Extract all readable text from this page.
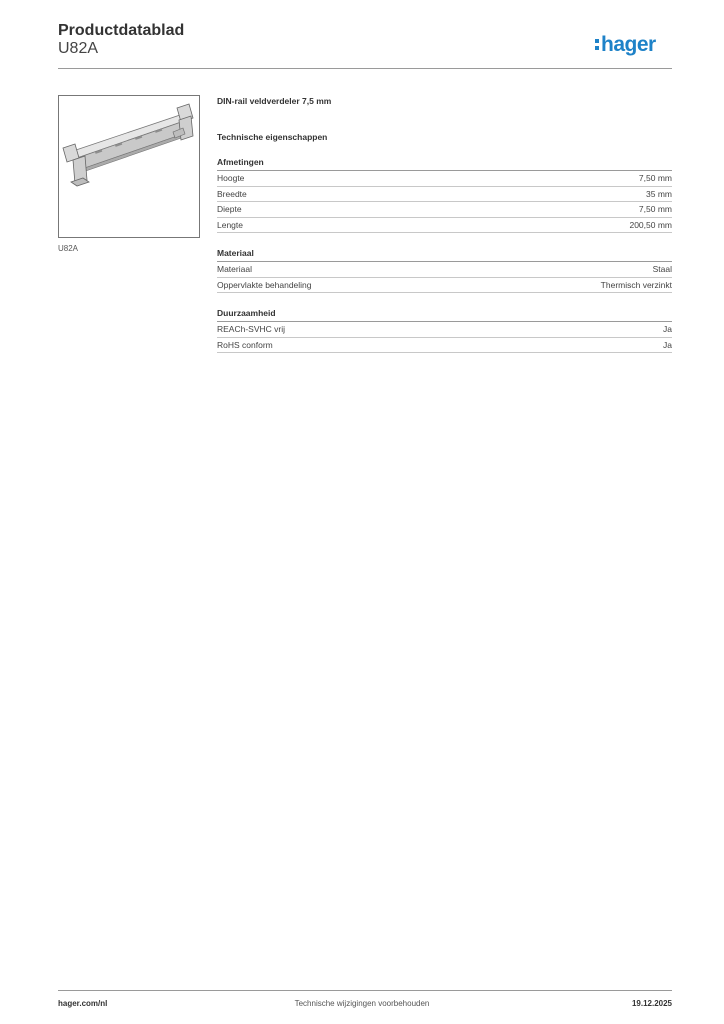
Productdatablad
U82A	hager
U82A
DIN-rail veldverdeler 7,5 mm
Technische eigenschappen
Afmetingen
Hoogte	7,50 mm
Breedte	35 mm
Diepte	7,50 mm
Lengte	200,50 mm
Materiaal
Materiaal	Staal
Oppervlakte behandeling	Thermisch verzinkt
Duurzaamheid
REACh-SVHC vrij	Ja
RoHS conform	Ja
hager.com/nl	Technische wijzigingen voorbehouden	19.12.2025
